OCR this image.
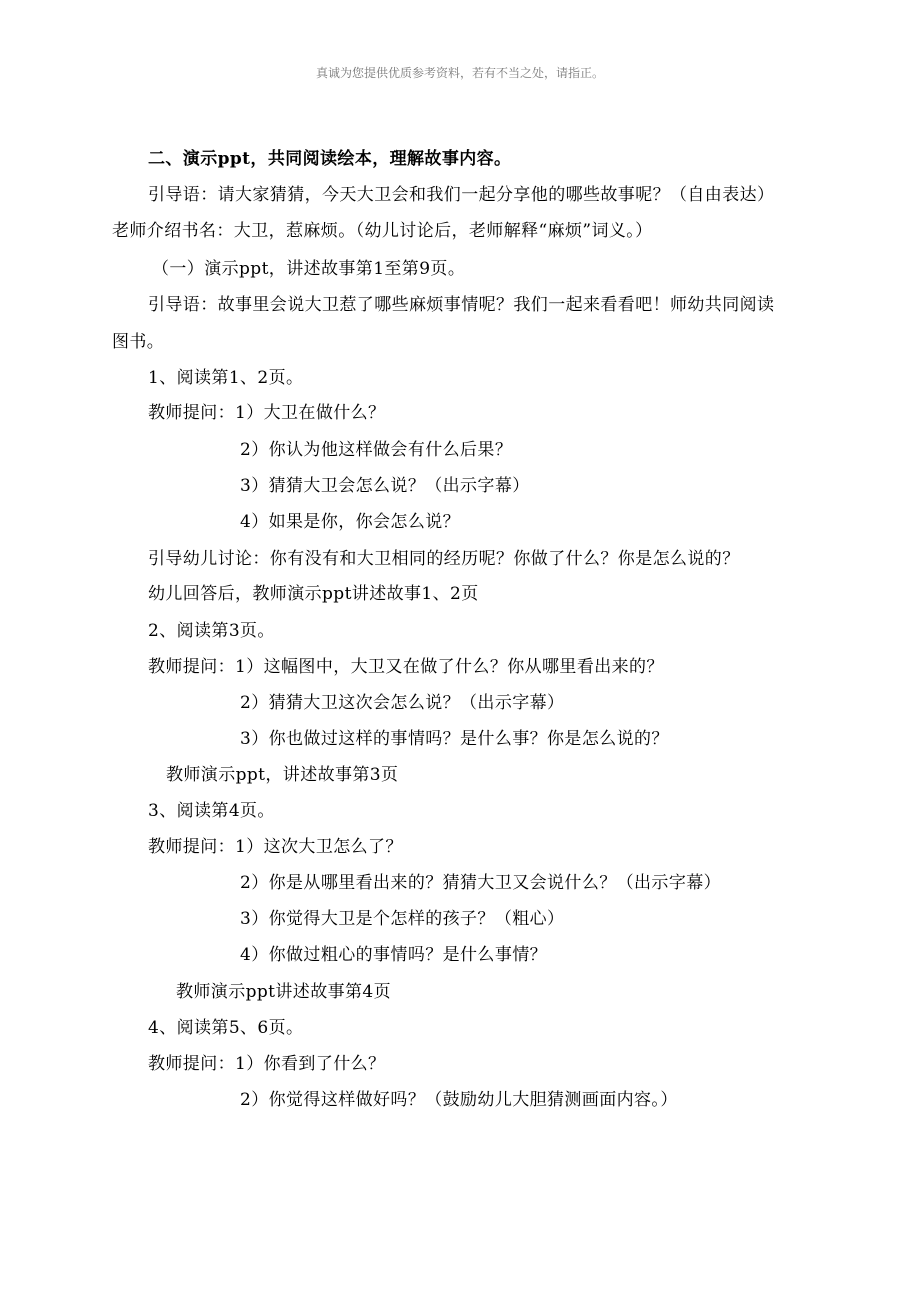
真诚为您提供优质参考资料，若有不当之处，请指正。
二、演示ppt，共同阅读绘本，理解故事内容。
引导语：请大家猜猜，今天大卫会和我们一起分享他的哪些故事呢？（自由表达）
老师介绍书名：大卫，惹麻烦。（幼儿讨论后，老师解释“麻烦”词义。）
（一）演示ppt，讲述故事第1至第9页。
引导语：故事里会说大卫惹了哪些麻烦事情呢？我们一起来看看吧！师幼共同阅读
图书。
1、阅读第1、2页。
教师提问：1）大卫在做什么？
2）你认为他这样做会有什么后果？
3）猜猜大卫会怎么说？（出示字幕）
4）如果是你，你会怎么说？
引导幼儿讨论：你有没有和大卫相同的经历呢？你做了什么？你是怎么说的？
幼儿回答后，教师演示ppt讲述故事1、2页
2、阅读第3页。
教师提问：1）这幅图中，大卫又在做了什么？你从哪里看出来的？
2）猜猜大卫这次会怎么说？（出示字幕）
3）你也做过这样的事情吗？是什么事？你是怎么说的？
教师演示ppt，讲述故事第3页
3、阅读第4页。
教师提问：1）这次大卫怎么了？
2）你是从哪里看出来的？猜猜大卫又会说什么？（出示字幕）
3）你觉得大卫是个怎样的孩子？（粗心）
4）你做过粗心的事情吗？是什么事情？
教师演示ppt讲述故事第4页
4、阅读第5、6页。
教师提问：1）你看到了什么？
2）你觉得这样做好吗？（鼓励幼儿大胆猜测画面内容。）
